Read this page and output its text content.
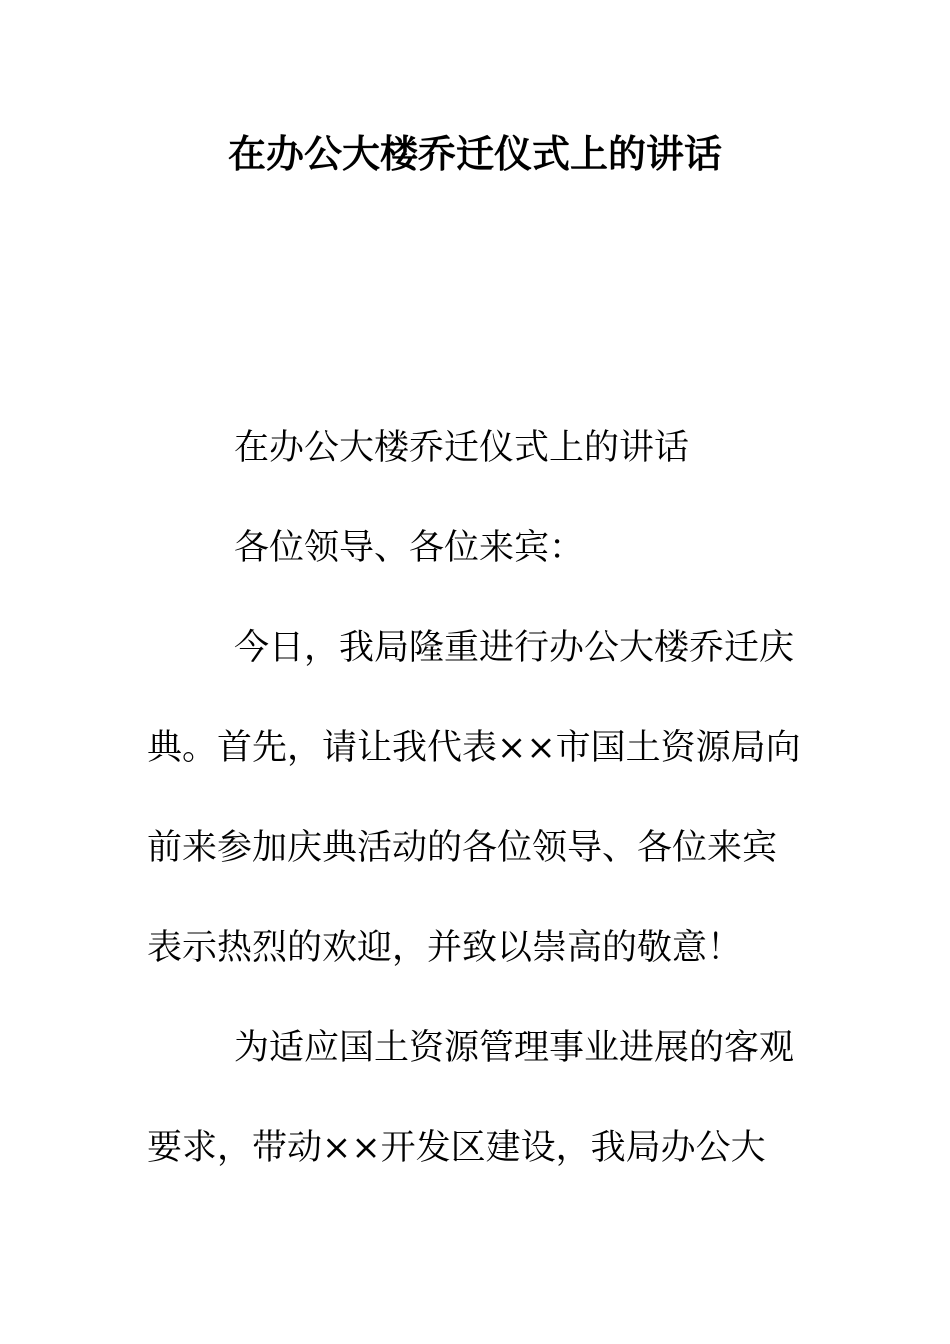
在办公大楼乔迁仪式上的讲话

在办公大楼乔迁仪式上的讲话

各位领导、各位来宾：

今日，我局隆重进行办公大楼乔迁庆典。首先，请让我代表××市国土资源局向前来参加庆典活动的各位领导、各位来宾表示热烈的欢迎，并致以崇高的敬意！

为适应国土资源管理事业进展的客观要求，带动××开发区建设，我局办公大
